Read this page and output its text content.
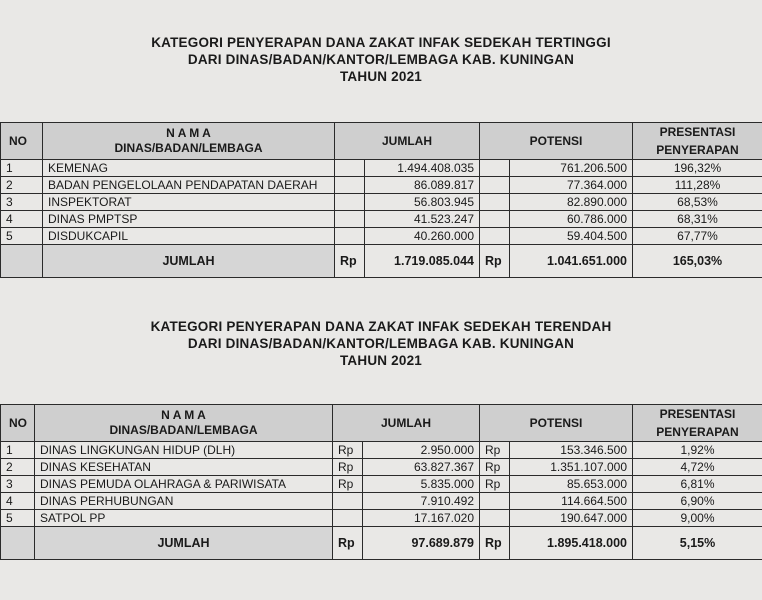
KATEGORI PENYERAPAN DANA ZAKAT INFAK SEDEKAH TERTINGGI
DARI DINAS/BADAN/KANTOR/LEMBAGA KAB. KUNINGAN
TAHUN 2021
NO	N A M A
DINAS/BADAN/LEMBAGA	JUMLAH		POTENSI		PRESENTASI
PENYERAPAN

1	KEMENAG		1.494.408.035		761.206.500	196,32%
2	BADAN PENGELOLAAN PENDAPATAN DAERAH		86.089.817		77.364.000	111,28%
3	INSPEKTORAT		56.803.945		82.890.000	68,53%
4	DINAS PMPTSP		41.523.247		60.786.000	68,31%
5	DISDUKCAPIL		40.260.000		59.404.500	67,77%
	JUMLAH	Rp	1.719.085.044	Rp	1.041.651.000	165,03%
KATEGORI PENYERAPAN DANA ZAKAT INFAK SEDEKAH TERENDAH
DARI DINAS/BADAN/KANTOR/LEMBAGA KAB. KUNINGAN
TAHUN 2021
NO	N A M A
DINAS/BADAN/LEMBAGA	JUMLAH		POTENSI		PRESENTASI
PENYERAPAN

1	DINAS LINGKUNGAN HIDUP (DLH)	Rp	2.950.000	Rp	153.346.500	1,92%
2	DINAS KESEHATAN	Rp	63.827.367	Rp	1.351.107.000	4,72%
3	DINAS PEMUDA OLAHRAGA & PARIWISATA	Rp	5.835.000	Rp	85.653.000	6,81%
4	DINAS PERHUBUNGAN		7.910.492		114.664.500	6,90%
5	SATPOL PP		17.167.020		190.647.000	9,00%
	JUMLAH	Rp	97.689.879	Rp	1.895.418.000	5,15%
